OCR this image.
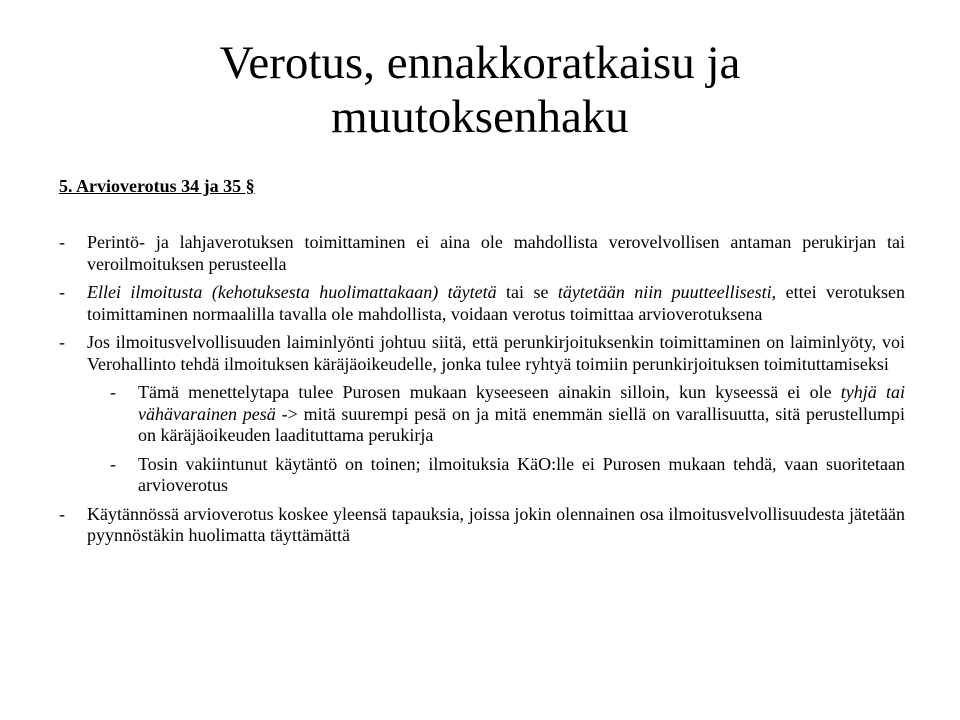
Verotus, ennakkoratkaisu ja muutoksenhaku

5. Arvioverotus 34 ja 35 §

- Perintö- ja lahjaverotuksen toimittaminen ei aina ole mahdollista verovelvollisen antaman perukirjan tai veroilmoituksen perusteella
- Ellei ilmoitusta (kehotuksesta huolimattakaan) täytetä tai se täytetään niin puutteellisesti, ettei verotuksen toimittaminen normaalilla tavalla ole mahdollista, voidaan verotus toimittaa arvioverotuksena
- Jos ilmoitusvelvollisuuden laiminlyönti johtuu siitä, että perunkirjoituksenkin toimittaminen on laiminlyöty, voi Verohallinto tehdä ilmoituksen käräjäoikeudelle, jonka tulee ryhtyä toimiin perunkirjoituksen toimituttamiseksi
- Tämä menettelytapa tulee Purosen mukaan kyseeseen ainakin silloin, kun kyseessä ei ole tyhjä tai vähävarainen pesä -> mitä suurempi pesä on ja mitä enemmän siellä on varallisuutta, sitä perustellumpi on käräjäoikeuden laadituttama perukirja
- Tosin vakiintunut käytäntö on toinen; ilmoituksia KäO:lle ei Purosen mukaan tehdä, vaan suoritetaan arvioverotus
- Käytännössä arvioverotus koskee yleensä tapauksia, joissa jokin olennainen osa ilmoitusvelvollisuudesta jätetään pyynnöstäkin huolimatta täyttämättä
